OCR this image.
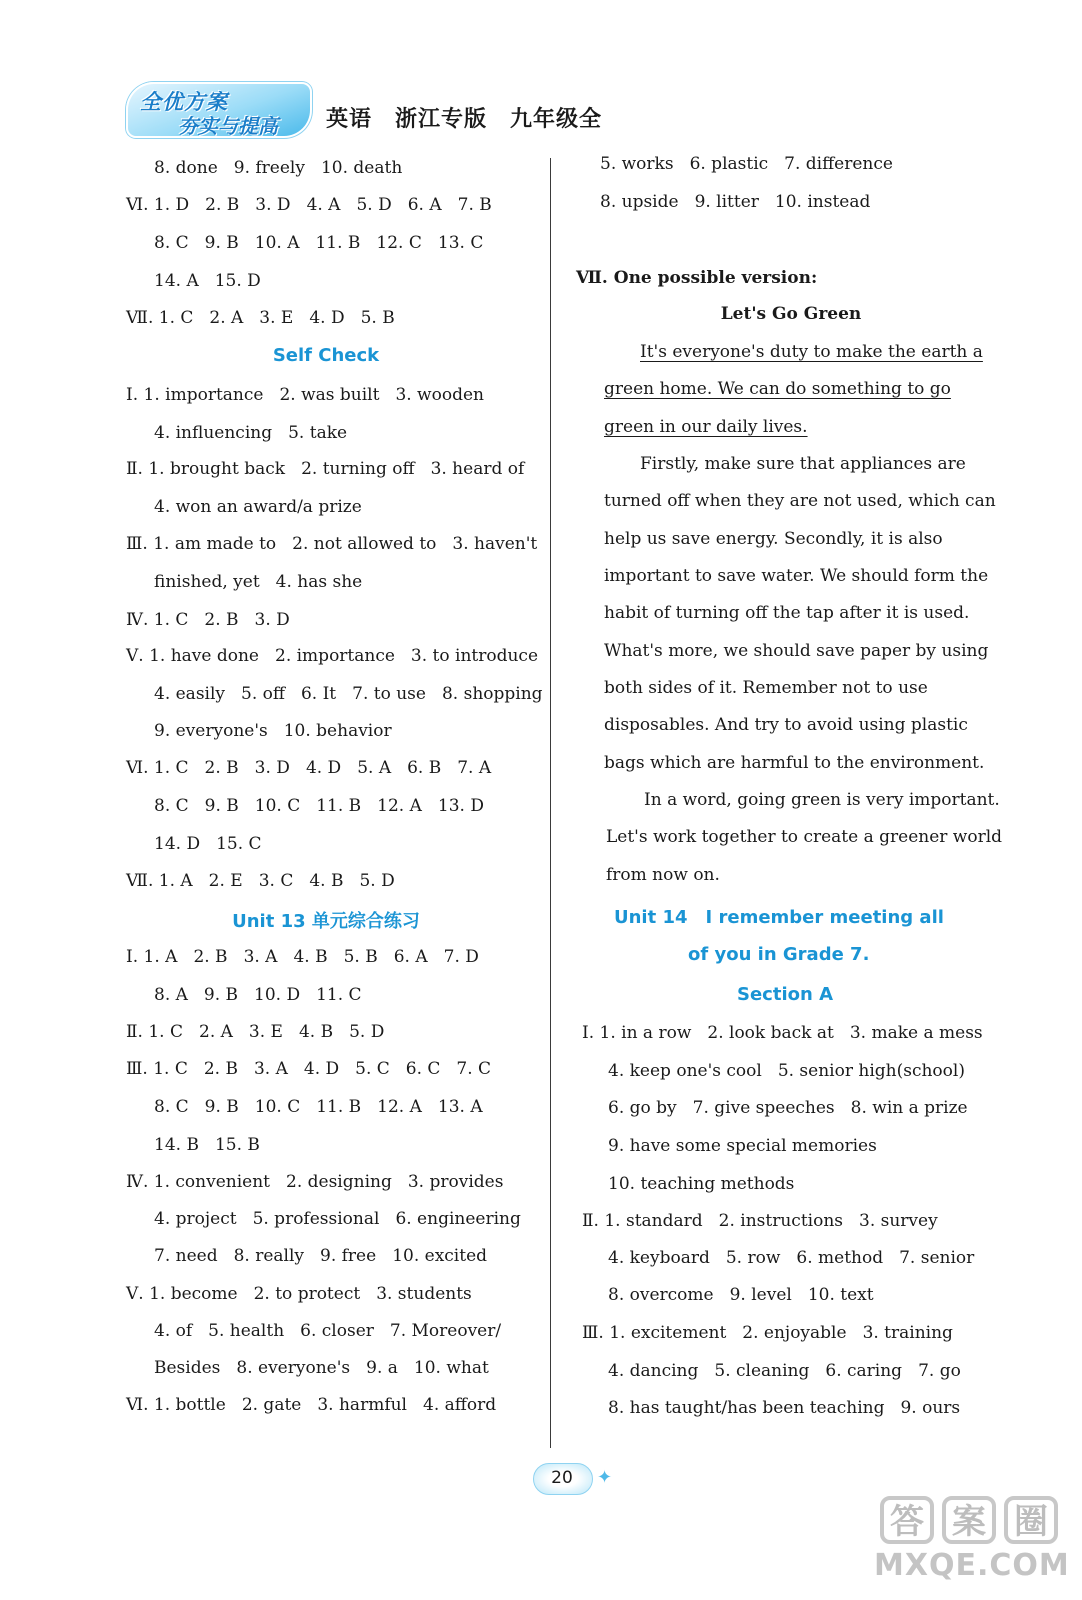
全优方案
夯实与提高 英语　浙江专版　九年级全
8. done 9. freely 10. death
Ⅵ. 1. D 2. B 3. D 4. A 5. D 6. A 7. B
8. C 9. B 10. A 11. B 12. C 13. C
14. A 15. D
Ⅶ. 1. C 2. A 3. E 4. D 5. B
Ⅰ. 1. importance 2. was built 3. wooden
4. influencing 5. take
Ⅱ. 1. brought back 2. turning off 3. heard of
4. won an award/a prize
Ⅲ. 1. am made to 2. not allowed to 3. haven't
finished, yet 4. has she
Ⅳ. 1. C 2. B 3. D
Ⅴ. 1. have done 2. importance 3. to introduce
4. easily 5. off 6. It 7. to use 8. shopping
9. everyone's 10. behavior
Ⅵ. 1. C 2. B 3. D 4. D 5. A 6. B 7. A
8. C 9. B 10. C 11. B 12. A 13. D
14. D 15. C
Ⅶ. 1. A 2. E 3. C 4. B 5. D
Ⅰ. 1. A 2. B 3. A 4. B 5. B 6. A 7. D
8. A 9. B 10. D 11. C
Ⅱ. 1. C 2. A 3. E 4. B 5. D
Ⅲ. 1. C 2. B 3. A 4. D 5. C 6. C 7. C
8. C 9. B 10. C 11. B 12. A 13. A
14. B 15. B
Ⅳ. 1. convenient 2. designing 3. provides
4. project 5. professional 6. engineering
7. need 8. really 9. free 10. excited
Ⅴ. 1. become 2. to protect 3. students
4. of 5. health 6. closer 7. Moreover/
Besides 8. everyone's 9. a 10. what
Ⅵ. 1. bottle 2. gate 3. harmful 4. afford
Self Check
Unit 13 单元综合练习
5. works 6. plastic 7. difference
8. upside 9. litter 10. instead
Ⅶ. One possible version:
Let's Go Green
It's everyone's duty to make the earth a
green home. We can do something to go
green in our daily lives.
Firstly, make sure that appliances are
turned off when they are not used, which can
help us save energy. Secondly, it is also
important to save water. We should form the
habit of turning off the tap after it is used.
What's more, we should save paper by using
both sides of it. Remember not to use
disposables. And try to avoid using plastic
bags which are harmful to the environment.
In a word, going green is very important.
Let's work together to create a greener world
from now on.
Unit 14　I remember meeting all
of you in Grade 7.
Section A
Ⅰ. 1. in a row 2. look back at 3. make a mess
4. keep one's cool 5. senior high(school)
6. go by 7. give speeches 8. win a prize
9. have some special memories
10. teaching methods
Ⅱ. 1. standard 2. instructions 3. survey
4. keyboard 5. row 6. method 7. senior
8. overcome 9. level 10. text
Ⅲ. 1. excitement 2. enjoyable 3. training
4. dancing 5. cleaning 6. caring 7. go
8. has taught/has been teaching 9. ours
20	✦
答 案 圈
MXQE.COM
